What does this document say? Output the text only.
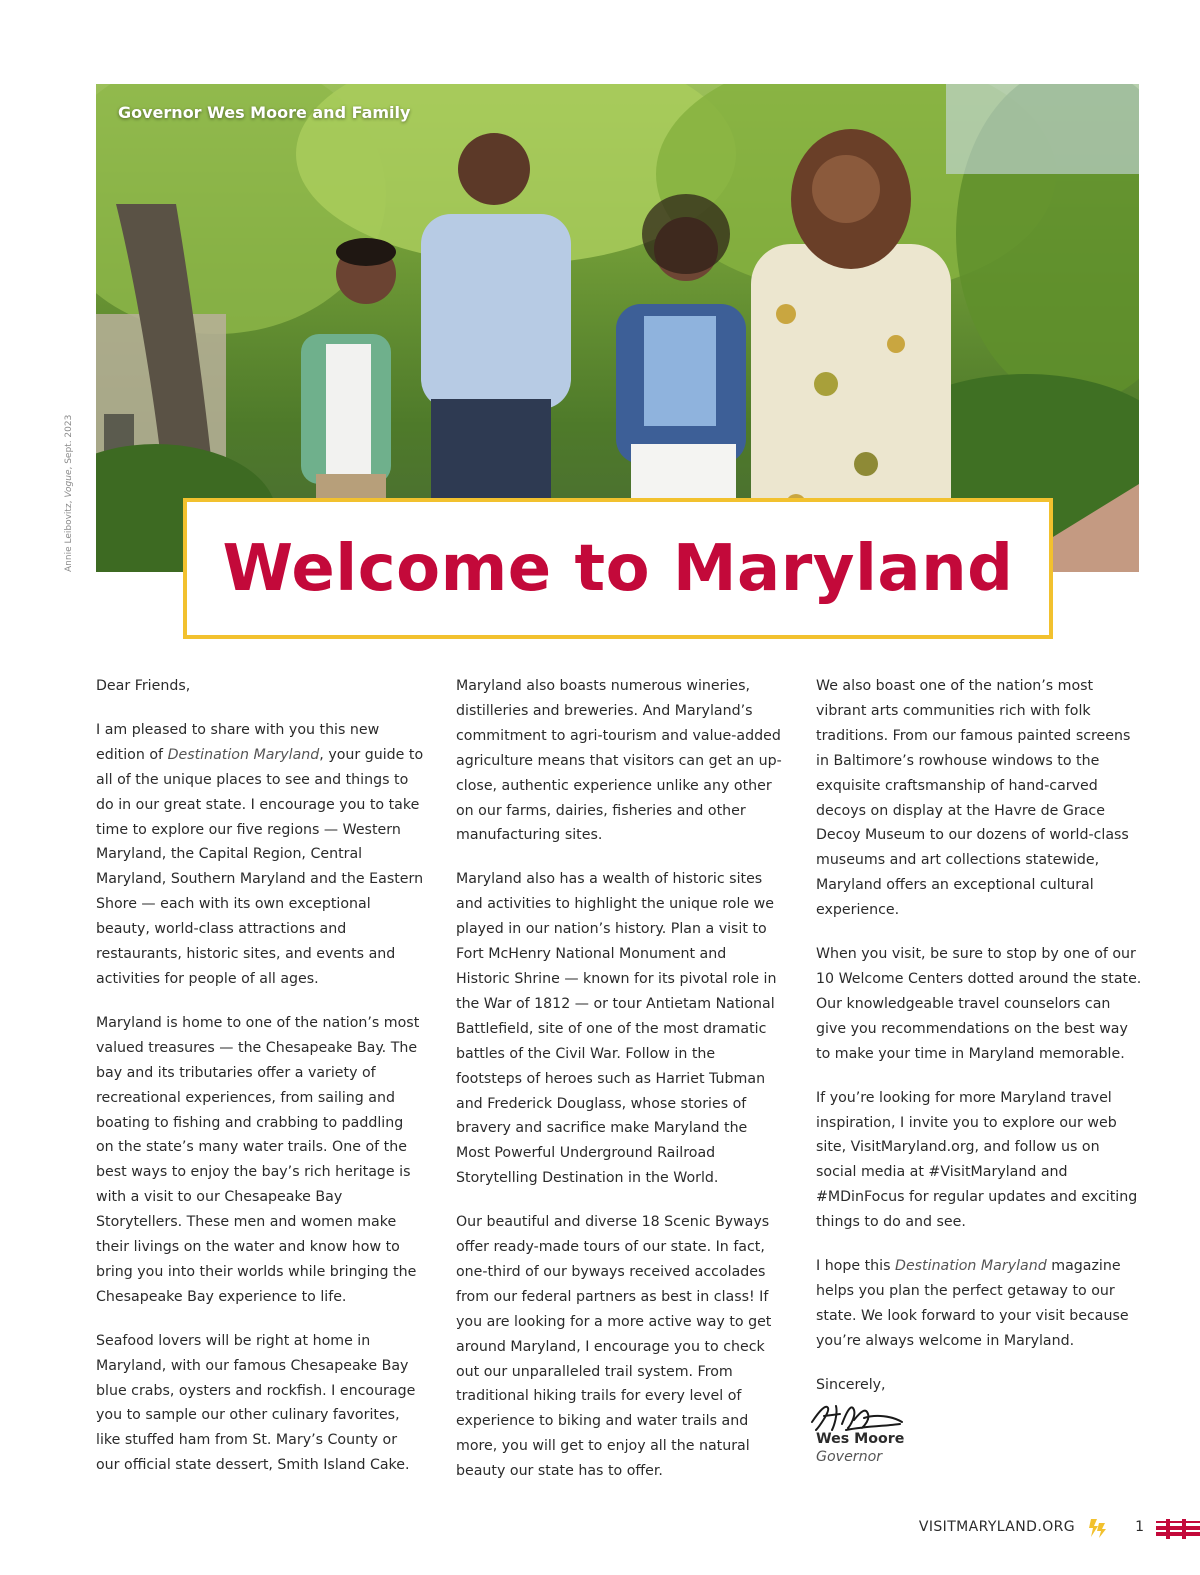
Governor Wes Moore and Family
Annie Leibovitz, Vogue, Sept. 2023
Welcome to Maryland

Dear Friends,

I am pleased to share with you this new edition of Destination Maryland, your guide to all of the unique places to see and things to do in our great state. I encourage you to take time to explore our five regions — Western Maryland, the Capital Region, Central Maryland, Southern Maryland and the Eastern Shore — each with its own exceptional beauty, world-class attractions and restaurants, historic sites, and events and activities for people of all ages.

Maryland is home to one of the nation’s most valued treasures — the Chesapeake Bay. The bay and its tributaries offer a variety of recreational experiences, from sailing and boating to fishing and crabbing to paddling on the state’s many water trails. One of the best ways to enjoy the bay’s rich heritage is with a visit to our Chesapeake Bay Storytellers. These men and women make their livings on the water and know how to bring you into their worlds while bringing the Chesapeake Bay experience to life.

Seafood lovers will be right at home in Maryland, with our famous Chesapeake Bay blue crabs, oysters and rockfish. I encourage you to sample our other culinary favorites, like stuffed ham from St. Mary’s County or our official state dessert, Smith Island Cake.

Maryland also boasts numerous wineries, distilleries and breweries. And Maryland’s commitment to agri-tourism and value-added agriculture means that visitors can get an up-close, authentic experience unlike any other on our farms, dairies, fisheries and other manufacturing sites.

Maryland also has a wealth of historic sites and activities to highlight the unique role we played in our nation’s history. Plan a visit to Fort McHenry National Monument and Historic Shrine — known for its pivotal role in the War of 1812 — or tour Antietam National Battlefield, site of one of the most dramatic battles of the Civil War. Follow in the footsteps of heroes such as Harriet Tubman and Frederick Douglass, whose stories of bravery and sacrifice make Maryland the Most Powerful Underground Railroad Storytelling Destination in the World.

Our beautiful and diverse 18 Scenic Byways offer ready-made tours of our state. In fact, one-third of our byways received accolades from our federal partners as best in class! If you are looking for a more active way to get around Maryland, I encourage you to check out our unparalleled trail system. From traditional hiking trails for every level of experience to biking and water trails and more, you will get to enjoy all the natural beauty our state has to offer.

We also boast one of the nation’s most vibrant arts communities rich with folk traditions. From our famous painted screens in Baltimore’s rowhouse windows to the exquisite craftsmanship of hand-carved decoys on display at the Havre de Grace Decoy Museum to our dozens of world-class museums and art collections statewide, Maryland offers an exceptional cultural experience.

When you visit, be sure to stop by one of our 10 Welcome Centers dotted around the state. Our knowledgeable travel counselors can give you recommendations on the best way to make your time in Maryland memorable.

If you’re looking for more Maryland travel inspiration, I invite you to explore our web site, VisitMaryland.org, and follow us on social media at #VisitMaryland and #MDinFocus for regular updates and exciting things to do and see.

I hope this Destination Maryland magazine helps you plan the perfect getaway to our state. We look forward to your visit because you’re always welcome in Maryland.

Sincerely,

Wes Moore
Governor
VISITMARYLAND.ORG	1
